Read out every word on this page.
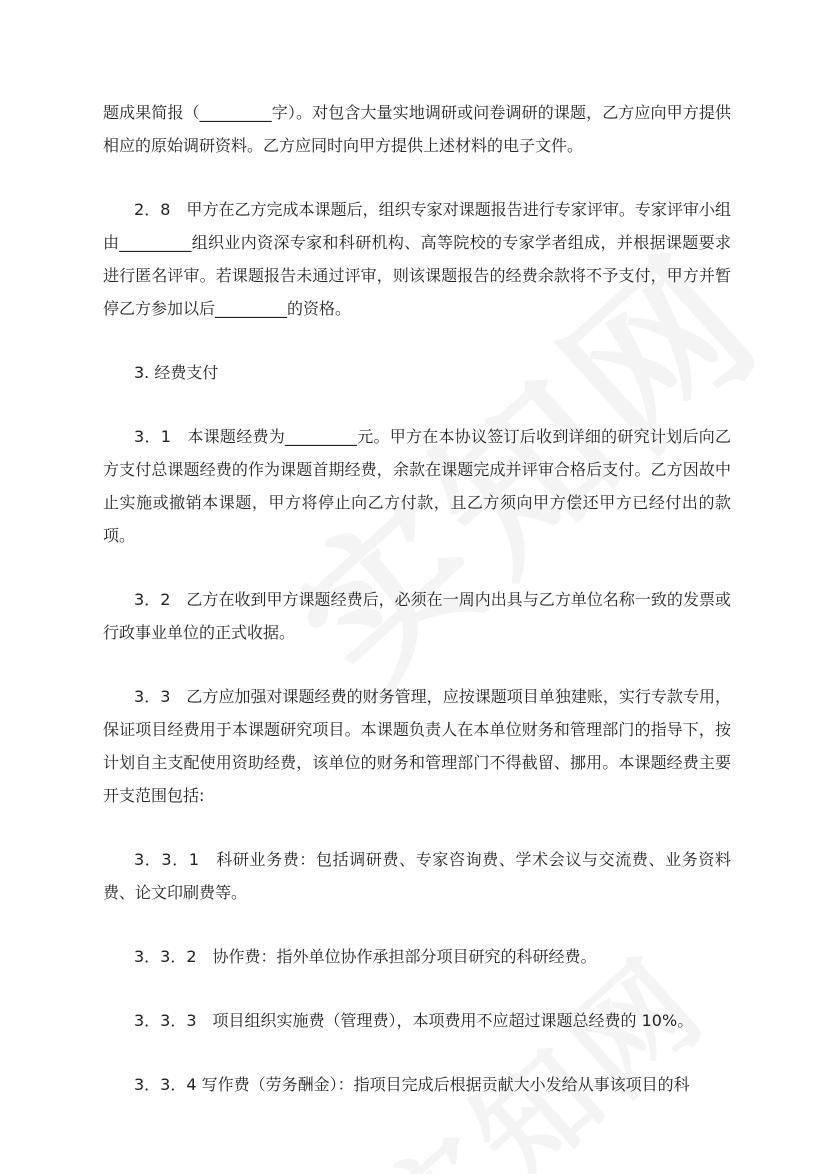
题成果简报（_________字）。对包含大量实地调研或问卷调研的课题，乙方应向甲方提供相应的原始调研资料。乙方应同时向甲方提供上述材料的电子文件。

2．8　甲方在乙方完成本课题后，组织专家对课题报告进行专家评审。专家评审小组由_________组织业内资深专家和科研机构、高等院校的专家学者组成，并根据课题要求进行匿名评审。若课题报告未通过评审，则该课题报告的经费余款将不予支付，甲方并暂停乙方参加以后_________的资格。

3. 经费支付

3．1　本课题经费为_________元。甲方在本协议签订后收到详细的研究计划后向乙方支付总课题经费的作为课题首期经费，余款在课题完成并评审合格后支付。乙方因故中止实施或撤销本课题，甲方将停止向乙方付款，且乙方须向甲方偿还甲方已经付出的款项。

3．2　乙方在收到甲方课题经费后，必须在一周内出具与乙方单位名称一致的发票或行政事业单位的正式收据。

3．3　乙方应加强对课题经费的财务管理，应按课题项目单独建账，实行专款专用，保证项目经费用于本课题研究项目。本课题负责人在本单位财务和管理部门的指导下，按计划自主支配使用资助经费，该单位的财务和管理部门不得截留、挪用。本课题经费主要开支范围包括:

3．3．1　科研业务费：包括调研费、专家咨询费、学术会议与交流费、业务资料费、论文印刷费等。

3．3．2　协作费：指外单位协作承担部分项目研究的科研经费。

3．3．3　项目组织实施费（管理费），本项费用不应超过课题总经费的 10%。

3．3．4 写作费（劳务酬金）：指项目完成后根据贡献大小发给从事该项目的科
